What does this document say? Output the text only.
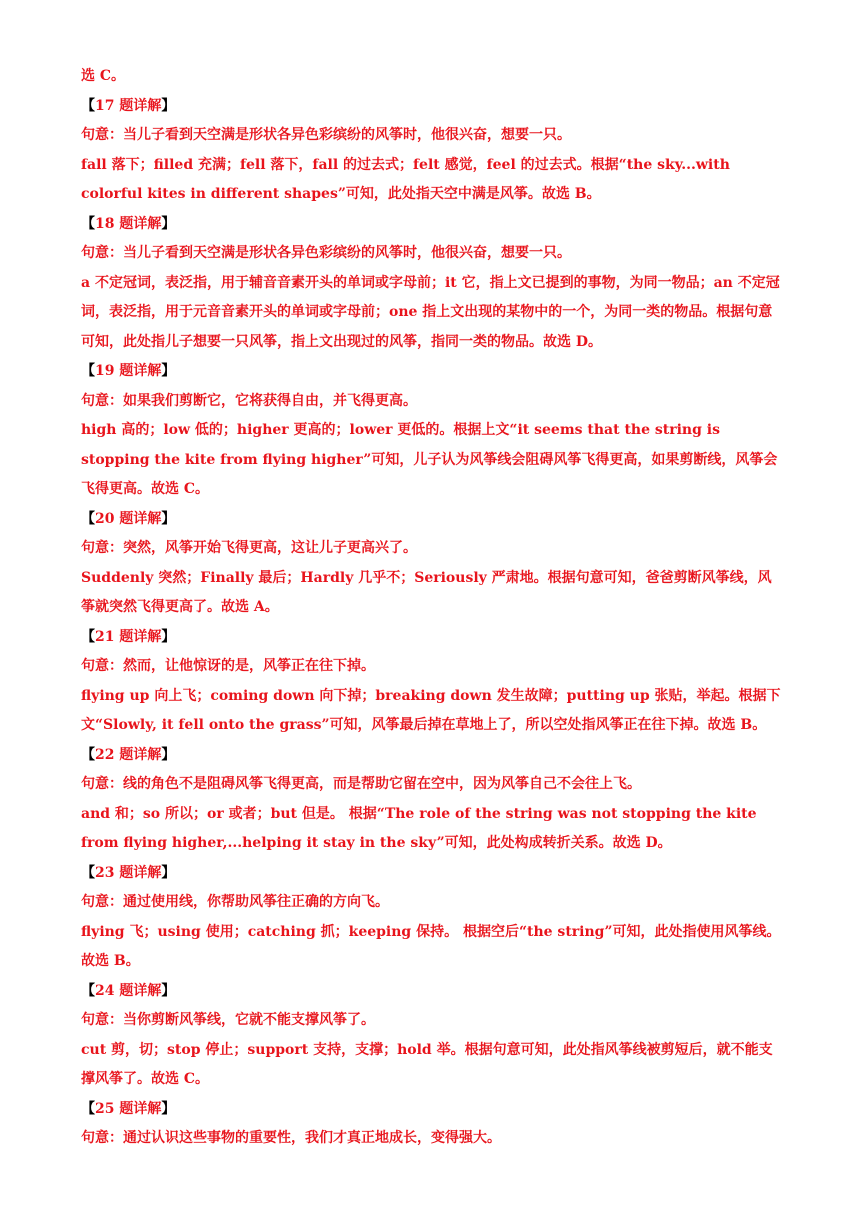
选 C。
【17 题详解】
句意：当儿子看到天空满是形状各异色彩缤纷的风筝时，他很兴奋，想要一只。
fall 落下；filled 充满；fell 落下，fall 的过去式；felt 感觉，feel 的过去式。根据“the sky...with colorful kites in different shapes”可知，此处指天空中满是风筝。故选 B。
【18 题详解】
句意：当儿子看到天空满是形状各异色彩缤纷的风筝时，他很兴奋，想要一只。
a 不定冠词，表泛指，用于辅音音素开头的单词或字母前；it 它，指上文已提到的事物，为同一物品；an 不定冠词，表泛指，用于元音音素开头的单词或字母前；one 指上文出现的某物中的一个，为同一类的物品。根据句意可知，此处指儿子想要一只风筝，指上文出现过的风筝，指同一类的物品。故选 D。
【19 题详解】
句意：如果我们剪断它，它将获得自由，并飞得更高。
high 高的；low 低的；higher 更高的；lower 更低的。根据上文“it seems that the string is stopping the kite from flying higher”可知，儿子认为风筝线会阻碍风筝飞得更高，如果剪断线，风筝会飞得更高。故选 C。
【20 题详解】
句意：突然，风筝开始飞得更高，这让儿子更高兴了。
Suddenly 突然；Finally 最后；Hardly 几乎不；Seriously 严肃地。根据句意可知，爸爸剪断风筝线，风筝就突然飞得更高了。故选 A。
【21 题详解】
句意：然而，让他惊讶的是，风筝正在往下掉。
flying up 向上飞；coming down 向下掉；breaking down 发生故障；putting up 张贴，举起。根据下文“Slowly, it fell onto the grass”可知，风筝最后掉在草地上了，所以空处指风筝正在往下掉。故选 B。
【22 题详解】
句意：线的角色不是阻碍风筝飞得更高，而是帮助它留在空中，因为风筝自己不会往上飞。
and 和；so 所以；or 或者；but 但是。 根据“The role of the string was not stopping the kite from flying higher,...helping it stay in the sky”可知，此处构成转折关系。故选 D。
【23 题详解】
句意：通过使用线，你帮助风筝往正确的方向飞。
flying 飞；using 使用；catching 抓；keeping 保持。 根据空后“the string”可知，此处指使用风筝线。故选 B。
【24 题详解】
句意：当你剪断风筝线，它就不能支撑风筝了。
cut 剪，切；stop 停止；support 支持，支撑；hold 举。根据句意可知，此处指风筝线被剪短后，就不能支撑风筝了。故选 C。
【25 题详解】
句意：通过认识这些事物的重要性，我们才真正地成长，变得强大。
